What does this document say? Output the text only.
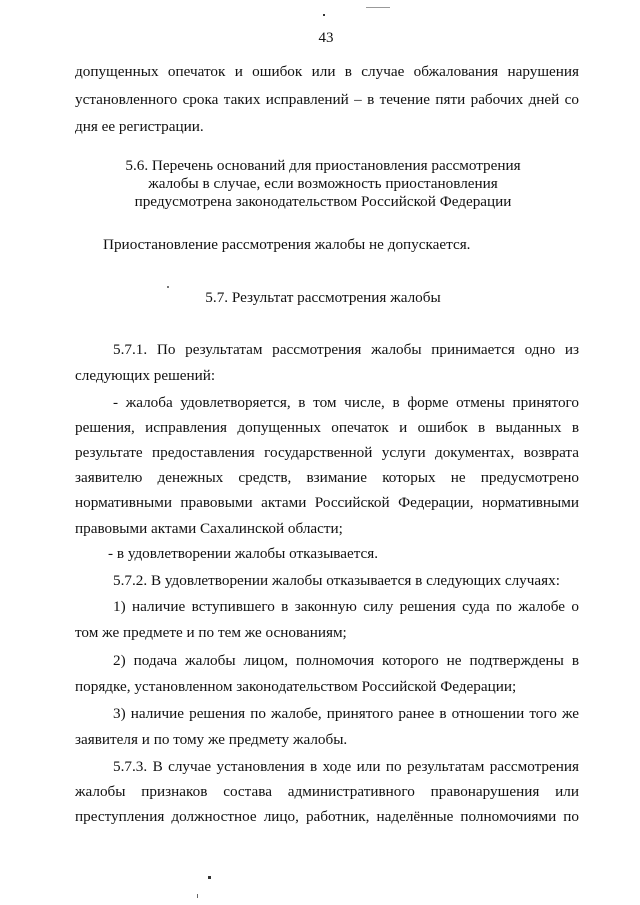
43
допущенных опечаток и ошибок или в случае обжалования нарушения
установленного срока таких исправлений – в течение пяти рабочих дней со
дня ее регистрации.
5.6. Перечень оснований для приостановления рассмотрения
жалобы в случае, если возможность приостановления
предусмотрена законодательством Российской Федерации
Приостановление рассмотрения жалобы не допускается.
5.7. Результат рассмотрения жалобы
5.7.1. По результатам рассмотрения жалобы принимается одно из
следующих решений:
- жалоба удовлетворяется, в том числе, в форме отмены принятого
решения, исправления допущенных опечаток и ошибок в выданных в
результате предоставления государственной услуги документах, возврата
заявителю денежных средств, взимание которых не предусмотрено
нормативными правовыми актами Российской Федерации, нормативными
правовыми актами Сахалинской области;
- в удовлетворении жалобы отказывается.
5.7.2. В удовлетворении жалобы отказывается в следующих случаях:
1) наличие вступившего в законную силу решения суда по жалобе о
том же предмете и по тем же основаниям;
2) подача жалобы лицом, полномочия которого не подтверждены в
порядке, установленном законодательством Российской Федерации;
3) наличие решения по жалобе, принятого ранее в отношении того же
заявителя и по тому же предмету жалобы.
5.7.3. В случае установления в ходе или по результатам рассмотрения
жалобы признаков состава административного правонарушения или
преступления должностное лицо, работник, наделённые полномочиями по
